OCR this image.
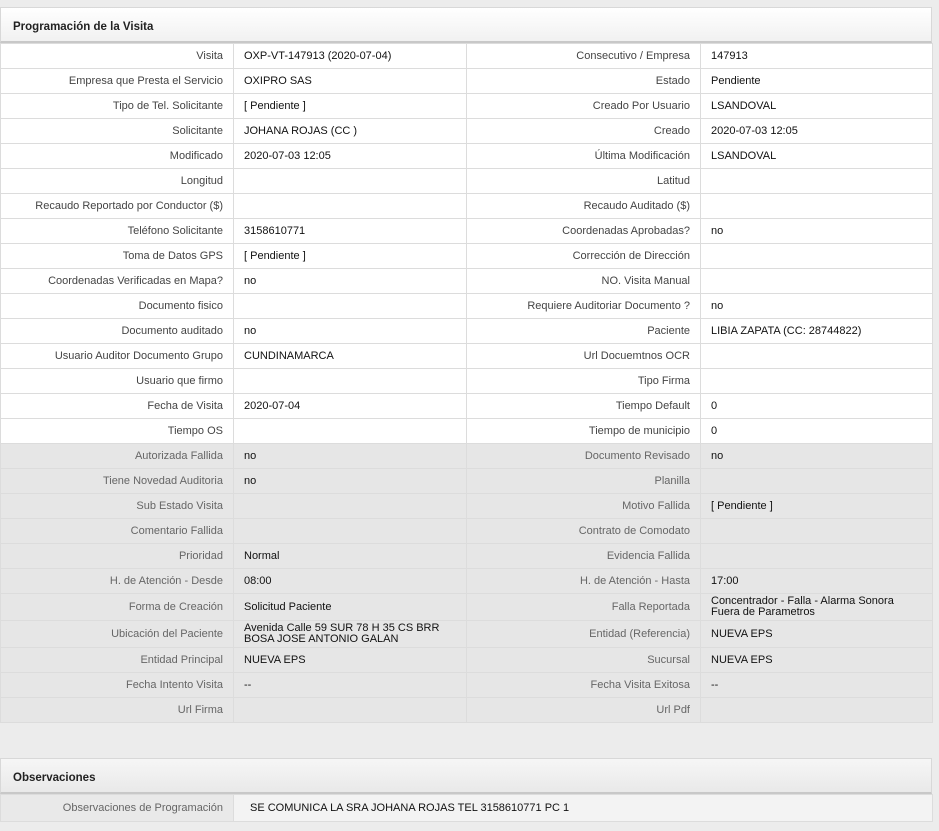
Programación de la Visita
Visita	OXP-VT-147913 (2020-07-04)	Consecutivo / Empresa	147913
Empresa que Presta el Servicio	OXIPRO SAS	Estado	Pendiente
Tipo de Tel. Solicitante	[ Pendiente ]	Creado Por Usuario	LSANDOVAL
Solicitante	JOHANA ROJAS (CC )	Creado	2020-07-03 12:05
Modificado	2020-07-03 12:05	Última Modificación	LSANDOVAL
Longitud		Latitud	
Recaudo Reportado por Conductor ($)		Recaudo Auditado ($)	
Teléfono Solicitante	3158610771	Coordenadas Aprobadas?	no
Toma de Datos GPS	[ Pendiente ]	Corrección de Dirección	
Coordenadas Verificadas en Mapa?	no	NO. Visita Manual	
Documento fisico		Requiere Auditoriar Documento ?	no
Documento auditado	no	Paciente	LIBIA ZAPATA (CC: 28744822)
Usuario Auditor Documento Grupo	CUNDINAMARCA	Url Docuemtnos OCR	
Usuario que firmo		Tipo Firma	
Fecha de Visita	2020-07-04	Tiempo Default	0
Tiempo OS		Tiempo de municipio	0
Autorizada Fallida	no	Documento Revisado	no
Tiene Novedad Auditoria	no	Planilla	
Sub Estado Visita		Motivo Fallida	[ Pendiente ]
Comentario Fallida		Contrato de Comodato	
Prioridad	Normal	Evidencia Fallida	
H. de Atención - Desde	08:00	H. de Atención - Hasta	17:00
Forma de Creación	Solicitud Paciente	Falla Reportada	Concentrador - Falla - Alarma Sonora Fuera de Parametros
Ubicación del Paciente	Avenida Calle 59 SUR 78 H 35 CS BRR BOSA JOSE ANTONIO GALAN	Entidad (Referencia)	NUEVA EPS
Entidad Principal	NUEVA EPS	Sucursal	NUEVA EPS
Fecha Intento Visita	--	Fecha Visita Exitosa	--
Url Firma		Url Pdf	
Observaciones
Observaciones de Programación	SE COMUNICA LA SRA JOHANA ROJAS TEL 3158610771 PC 1
